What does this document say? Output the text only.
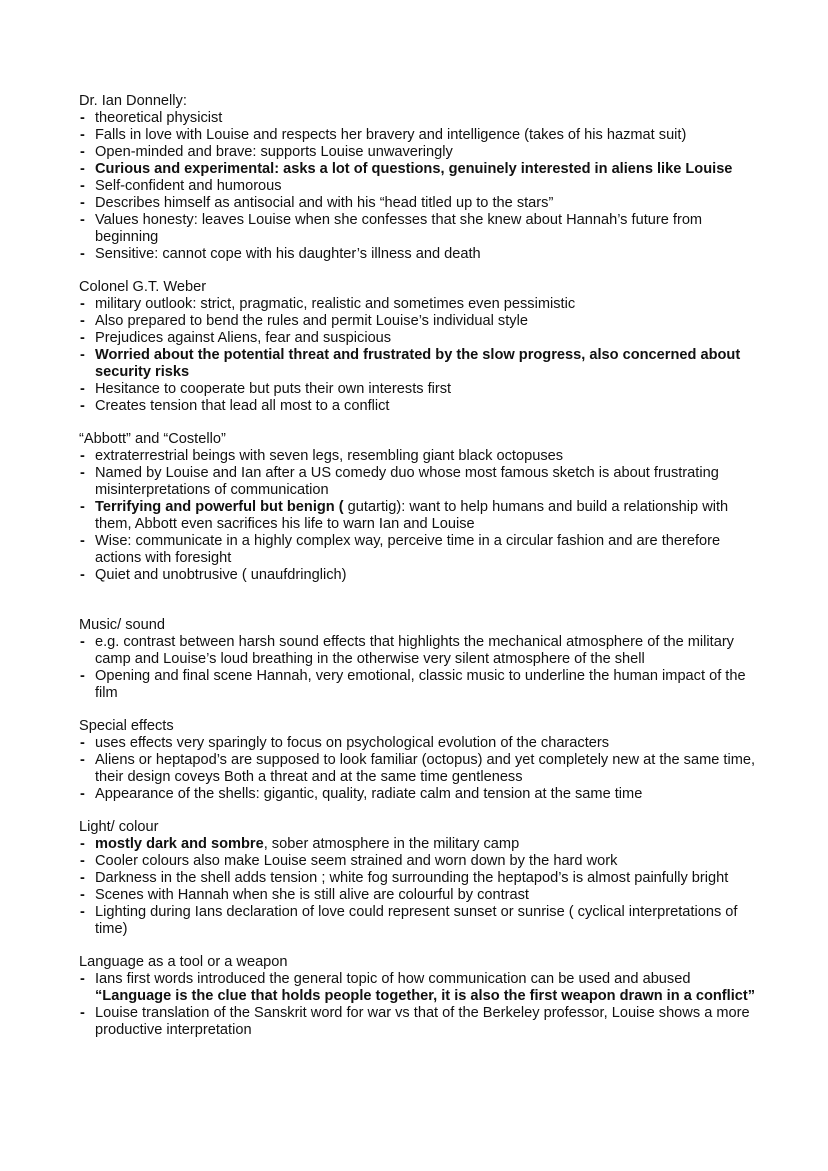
Dr. Ian Donnelly:
- theoretical physicist
- Falls in love with Louise and respects her bravery and intelligence (takes of his hazmat suit)
- Open-minded and brave: supports Louise unwaveringly
- Curious and experimental: asks a lot of questions, genuinely interested in aliens like Louise
- Self-confident and humorous
- Describes himself as antisocial and with his “head titled up to the stars”
- Values honesty: leaves Louise when she confesses that she knew about Hannah’s future from beginning
- Sensitive: cannot cope with his daughter’s illness and death
Colonel G.T. Weber
- military outlook: strict, pragmatic, realistic and sometimes even pessimistic
- Also prepared to bend the rules and permit Louise’s individual style
- Prejudices against Aliens, fear and suspicious
- Worried about the potential threat and frustrated by the slow progress, also concerned about security risks
- Hesitance to cooperate but puts their own interests first
- Creates tension that lead all most to a conflict
“Abbott” and “Costello”
- extraterrestrial beings with seven legs, resembling giant black octopuses
- Named by Louise and Ian after a US comedy duo whose most famous sketch is about frustrating misinterpretations of communication
- Terrifying and powerful but benign ( gutartig): want to help humans and build a relationship with them, Abbott even sacrifices his life to warn Ian and Louise
- Wise: communicate in a highly complex way, perceive time in a circular fashion and are therefore actions with foresight
- Quiet and unobtrusive ( unaufdringlich)
Music/ sound
- e.g. contrast between harsh sound effects that highlights the mechanical atmosphere of the military camp and Louise’s loud breathing in the otherwise very silent atmosphere of the shell
- Opening and final scene Hannah, very emotional, classic music to underline the human impact of the film
Special effects
- uses effects very sparingly to focus on psychological evolution of the characters
- Aliens or heptapod’s are supposed to look familiar (octopus) and yet completely new at the same time, their design coveys Both a threat and at the same time gentleness
- Appearance of the shells: gigantic, quality, radiate calm and tension at the same time
Light/ colour
- mostly dark and sombre, sober atmosphere in the military camp
- Cooler colours also make Louise seem strained and worn down by the hard work
- Darkness in the shell adds tension ; white fog surrounding the heptapod’s is almost painfully bright
- Scenes with Hannah when she is still alive are colourful by contrast
- Lighting during Ians declaration of love could represent sunset or sunrise ( cyclical interpretations of time)
Language as a tool or a weapon
- Ians first words introduced the general topic of how communication can be used and abused “Language is the clue that holds people together, it is also the first weapon drawn in a conflict”
- Louise translation of the Sanskrit word for war vs that of the Berkeley professor, Louise shows a more productive interpretation
